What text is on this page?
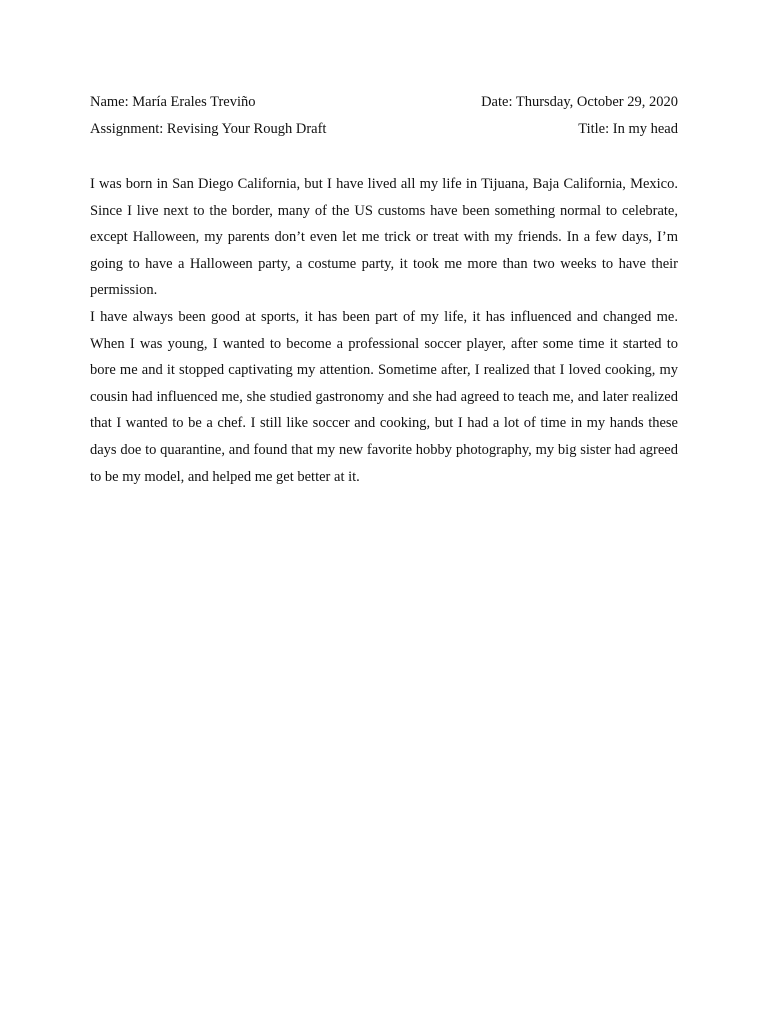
Name: María Erales Treviño	Date: Thursday, October 29, 2020
Assignment: Revising Your Rough Draft	Title: In my head

I was born in San Diego California, but I have lived all my life in Tijuana, Baja California, Mexico. Since I live next to the border, many of the US customs have been something normal to celebrate, except Halloween, my parents don’t even let me trick or treat with my friends. In a few days, I’m going to have a Halloween party, a costume party, it took me more than two weeks to have their permission.

I have always been good at sports, it has been part of my life, it has influenced and changed me. When I was young, I wanted to become a professional soccer player, after some time it started to bore me and it stopped captivating my attention. Sometime after, I realized that I loved cooking, my cousin had influenced me, she studied gastronomy and she had agreed to teach me, and later realized that I wanted to be a chef. I still like soccer and cooking, but I had a lot of time in my hands these days doe to quarantine, and found that my new favorite hobby photography, my big sister had agreed to be my model, and helped me get better at it.
